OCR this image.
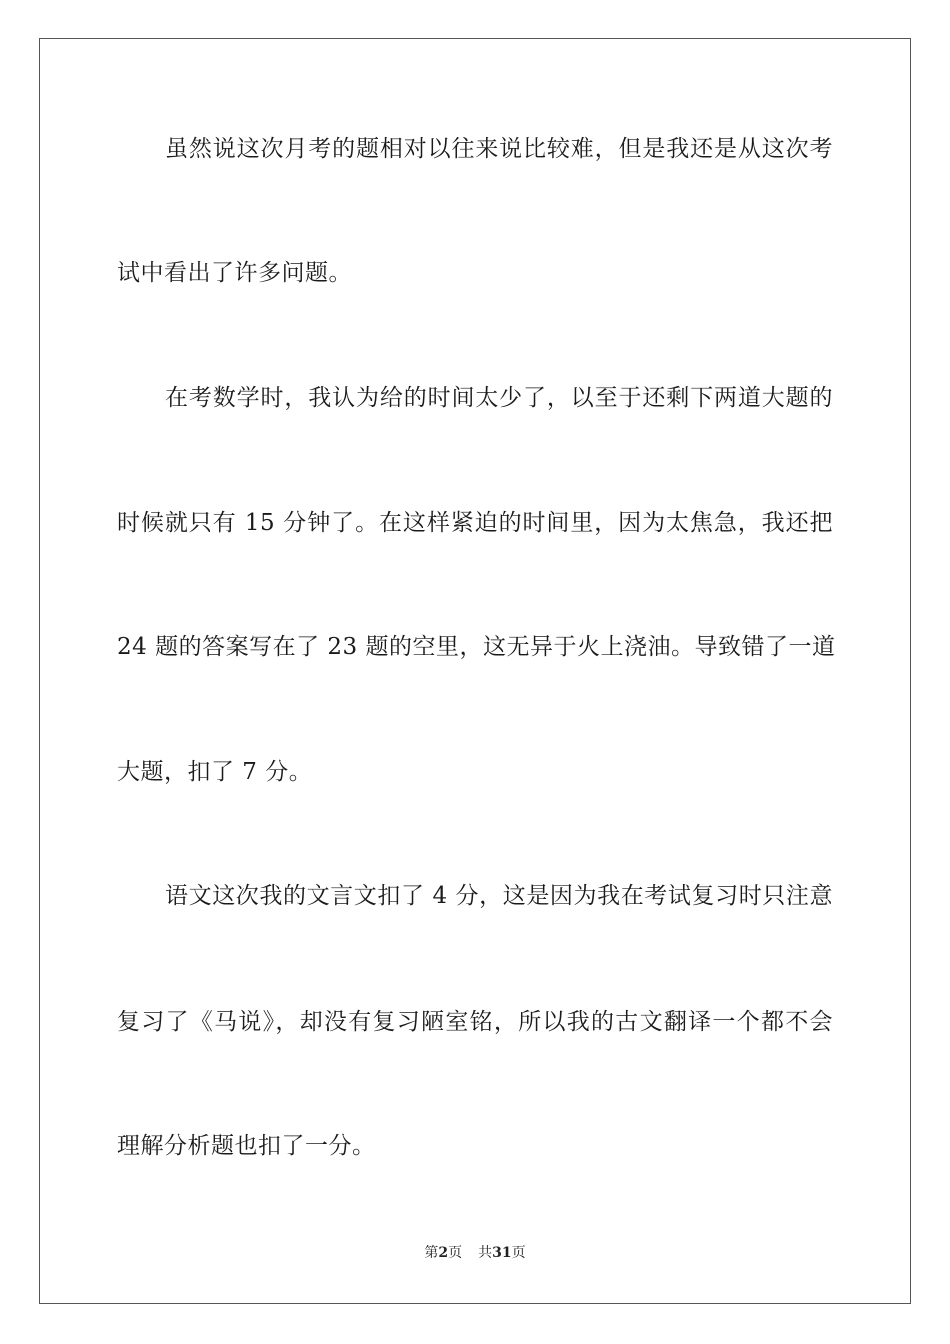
虽然说这次月考的题相对以往来说比较难，但是我还是从这次考
试中看出了许多问题。
在考数学时，我认为给的时间太少了，以至于还剩下两道大题的
时候就只有 15 分钟了。在这样紧迫的时间里，因为太焦急，我还把
24 题的答案写在了 23 题的空里，这无异于火上浇油。导致错了一道
大题，扣了 7 分。
语文这次我的文言文扣了 4 分，这是因为我在考试复习时只注意
复习了《马说》，却没有复习陋室铭，所以我的古文翻译一个都不会
理解分析题也扣了一分。
第2页 共31页
